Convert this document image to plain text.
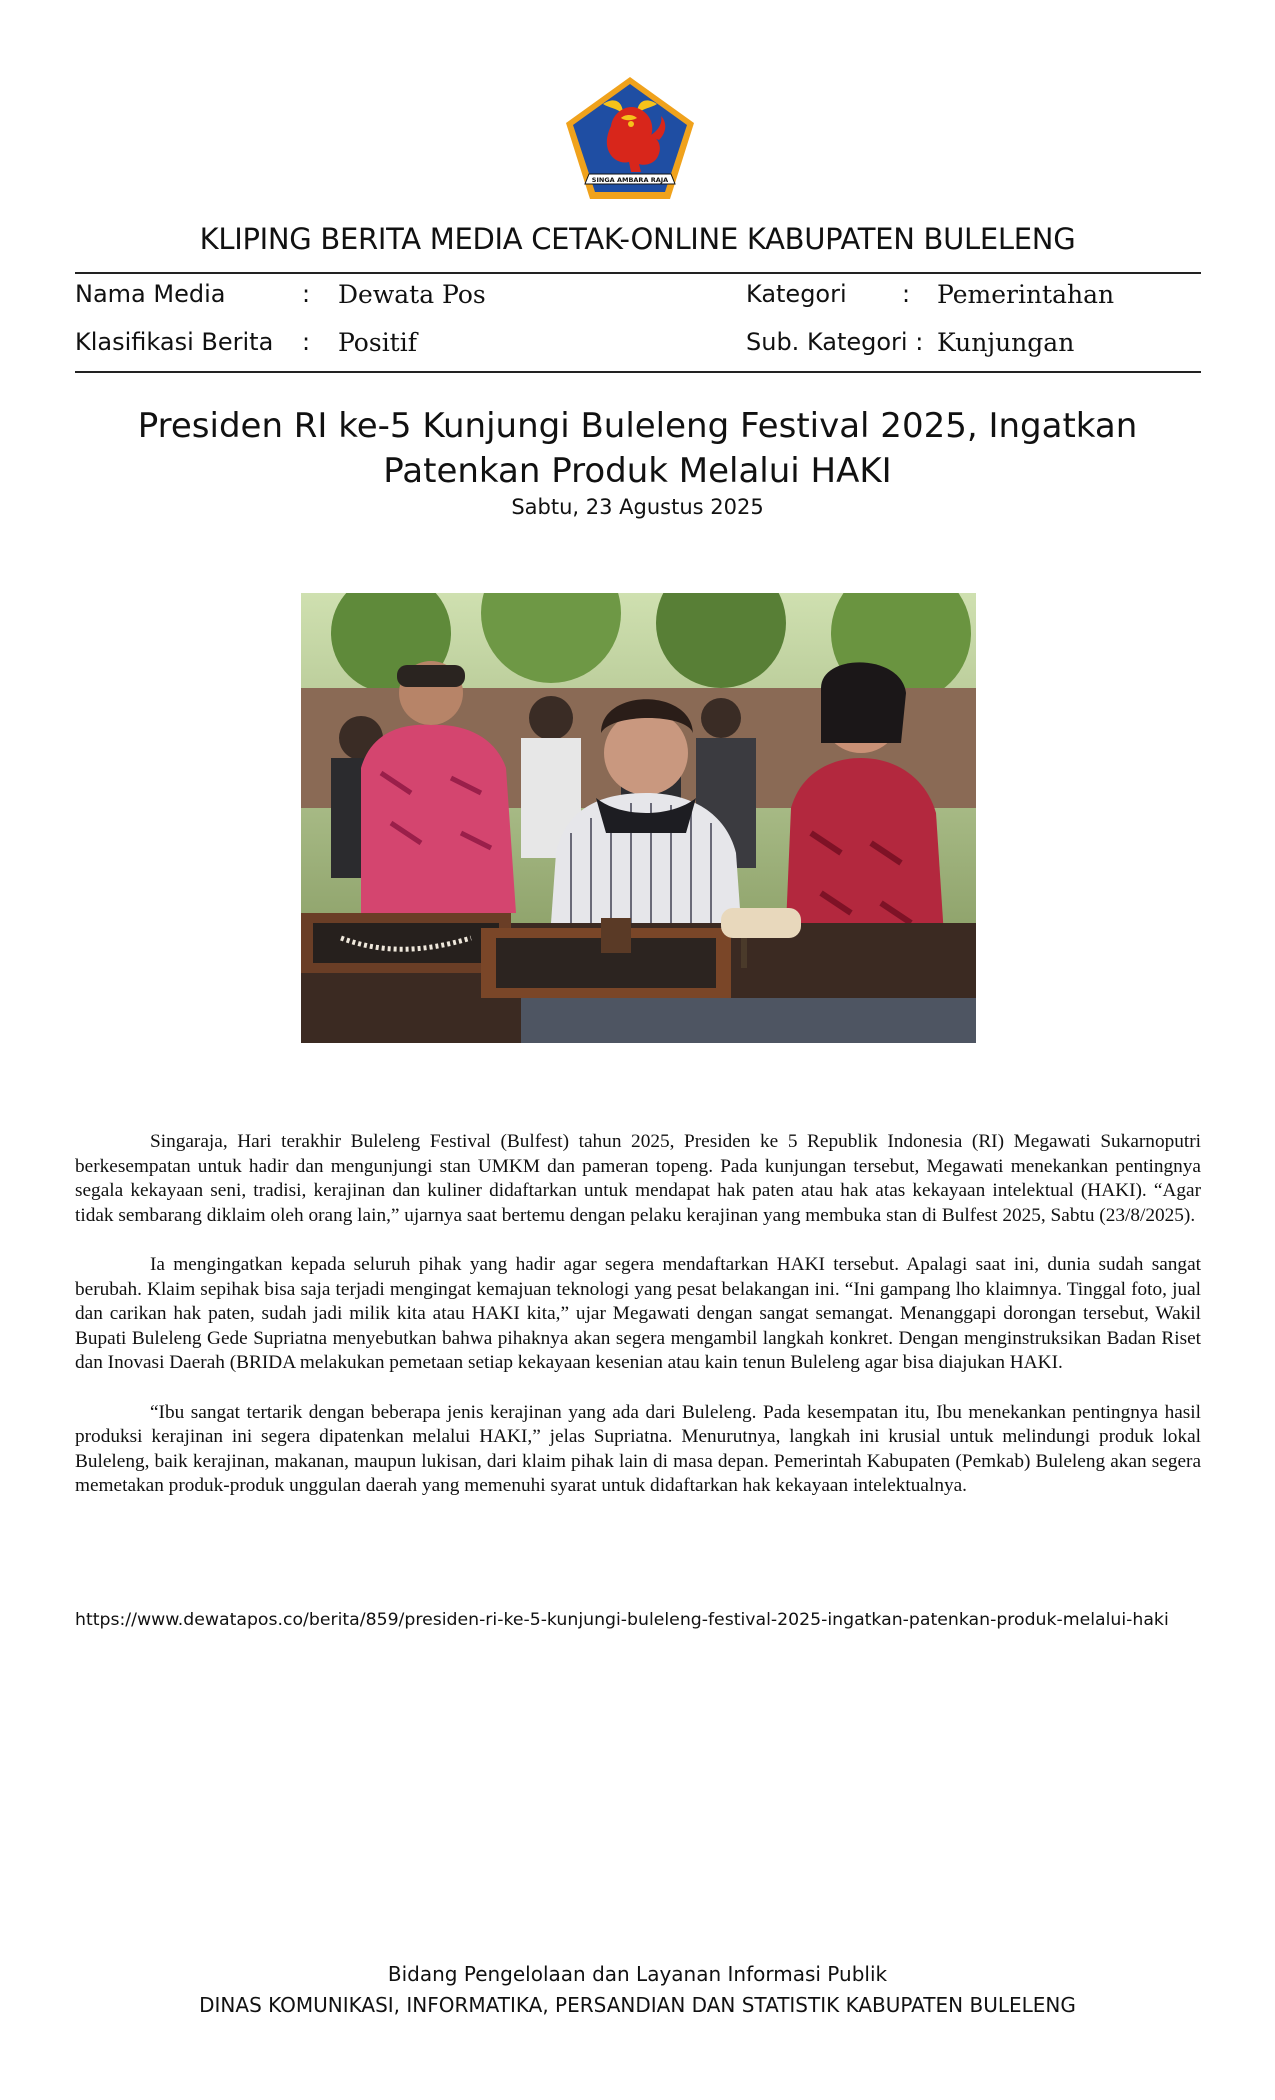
SINGA AMBARA RAJA
KLIPING BERITA MEDIA CETAK-ONLINE KABUPATEN BULELENG
Nama Media	: Dewata Pos	Kategori : Pemerintahan
Klasifikasi Berita : Positif	Sub. Kategori : Kunjungan
Presiden RI ke-5 Kunjungi Buleleng Festival 2025, Ingatkan Patenkan Produk Melalui HAKI
Sabtu, 23 Agustus 2025

Singaraja, Hari terakhir Buleleng Festival (Bulfest) tahun 2025, Presiden ke 5 Republik Indonesia (RI) Megawati Sukarnoputri berkesempatan untuk hadir dan mengunjungi stan UMKM dan pameran topeng. Pada kunjungan tersebut, Megawati menekankan pentingnya segala kekayaan seni, tradisi, kerajinan dan kuliner didaftarkan untuk mendapat hak paten atau hak atas kekayaan intelektual (HAKI). “Agar tidak sembarang diklaim oleh orang lain,” ujarnya saat bertemu dengan pelaku kerajinan yang membuka stan di Bulfest 2025, Sabtu (23/8/2025).

Ia mengingatkan kepada seluruh pihak yang hadir agar segera mendaftarkan HAKI tersebut. Apalagi saat ini, dunia sudah sangat berubah. Klaim sepihak bisa saja terjadi mengingat kemajuan teknologi yang pesat belakangan ini. “Ini gampang lho klaimnya. Tinggal foto, jual dan carikan hak paten, sudah jadi milik kita atau HAKI kita,” ujar Megawati dengan sangat semangat. Menanggapi dorongan tersebut, Wakil Bupati Buleleng Gede Supriatna menyebutkan bahwa pihaknya akan segera mengambil langkah konkret. Dengan menginstruksikan Badan Riset dan Inovasi Daerah (BRIDA melakukan pemetaan setiap kekayaan kesenian atau kain tenun Buleleng agar bisa diajukan HAKI.

“Ibu sangat tertarik dengan beberapa jenis kerajinan yang ada dari Buleleng. Pada kesempatan itu, Ibu menekankan pentingnya hasil produksi kerajinan ini segera dipatenkan melalui HAKI,” jelas Supriatna. Menurutnya, langkah ini krusial untuk melindungi produk lokal Buleleng, baik kerajinan, makanan, maupun lukisan, dari klaim pihak lain di masa depan. Pemerintah Kabupaten (Pemkab) Buleleng akan segera memetakan produk-produk unggulan daerah yang memenuhi syarat untuk didaftarkan hak kekayaan intelektualnya.

https://www.dewatapos.co/berita/859/presiden-ri-ke-5-kunjungi-buleleng-festival-2025-ingatkan-patenkan-produk-melalui-haki
Bidang Pengelolaan dan Layanan Informasi Publik
DINAS KOMUNIKASI, INFORMATIKA, PERSANDIAN DAN STATISTIK KABUPATEN BULELENG
